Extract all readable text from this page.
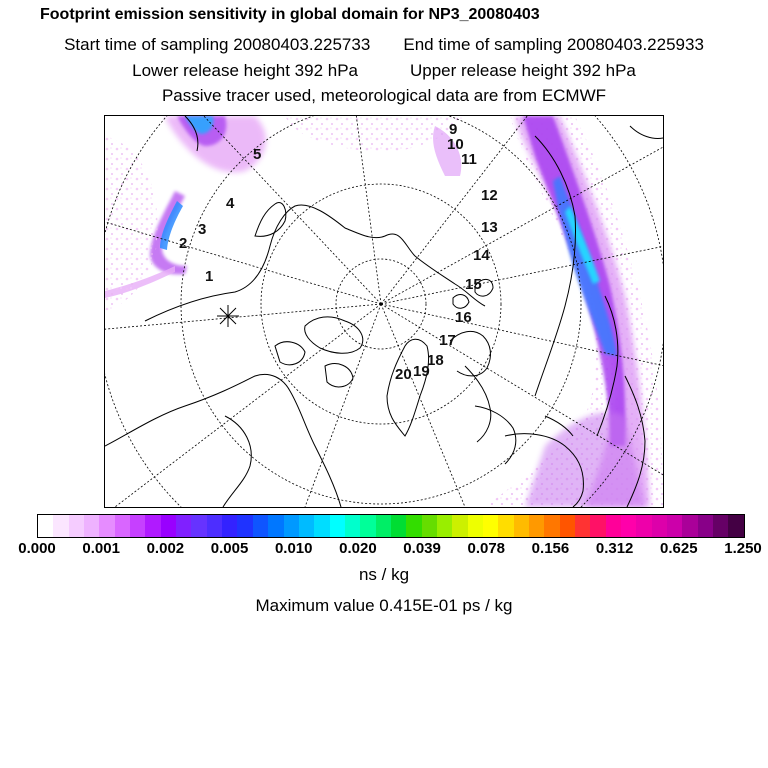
Footprint emission sensitivity in global domain for NP3_20080403
Start time of sampling 20080403.225733 End time of sampling 20080403.225933
Lower release height 392 hPa	Upper release height 392 hPa
Passive tracer used, meteorological data are from ECMWF
1
2
3
4
5
9
10
11
12
13
14
15
16
17
18
19
20
0.000 0.001 0.002 0.005 0.010 0.020 0.039 0.078 0.156 0.312 0.625 1.250
ns / kg
Maximum value 0.415E-01 ps / kg
